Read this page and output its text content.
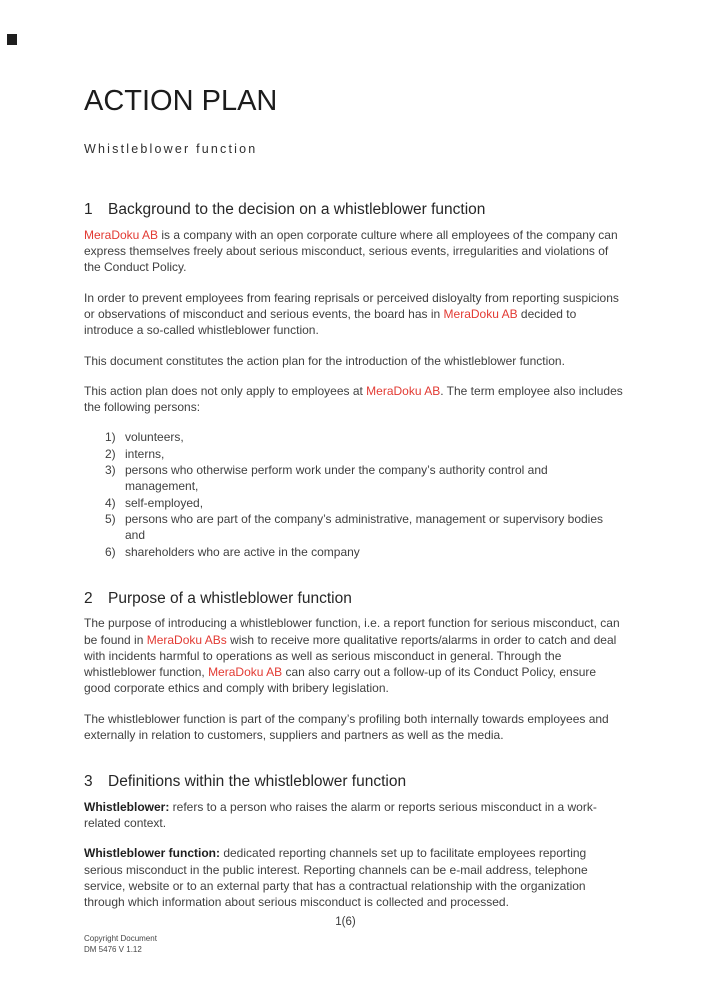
ACTION PLAN

Whistleblower function

1 Background to the decision on a whistleblower function

MeraDoku AB is a company with an open corporate culture where all employees of the company can express themselves freely about serious misconduct, serious events, irregularities and violations of the Conduct Policy.

In order to prevent employees from fearing reprisals or perceived disloyalty from reporting suspicions or observations of misconduct and serious events, the board has in MeraDoku AB decided to introduce a so-called whistleblower function.

This document constitutes the action plan for the introduction of the whistleblower function.

This action plan does not only apply to employees at MeraDoku AB. The term employee also includes the following persons:

1) volunteers,
2) interns,
3) persons who otherwise perform work under the company’s authority control and management,
4) self-employed,
5) persons who are part of the company’s administrative, management or supervisory bodies and
6) shareholders who are active in the company
2 Purpose of a whistleblower function

The purpose of introducing a whistleblower function, i.e. a report function for serious misconduct, can be found in MeraDoku ABs wish to receive more qualitative reports/alarms in order to catch and deal with incidents harmful to operations as well as serious misconduct in general. Through the whistleblower function, MeraDoku AB can also carry out a follow-up of its Conduct Policy, ensure good corporate ethics and comply with bribery legislation.

The whistleblower function is part of the company’s profiling both internally towards employees and externally in relation to customers, suppliers and partners as well as the media.

3 Definitions within the whistleblower function

Whistleblower: refers to a person who raises the alarm or reports serious misconduct in a work-related context.

Whistleblower function: dedicated reporting channels set up to facilitate employees reporting serious misconduct in the public interest. Reporting channels can be e-mail address, telephone service, website or to an external party that has a contractual relationship with the organization through which information about serious misconduct is collected and processed.

1(6)
Copyright Document
DM 5476 V 1.12
